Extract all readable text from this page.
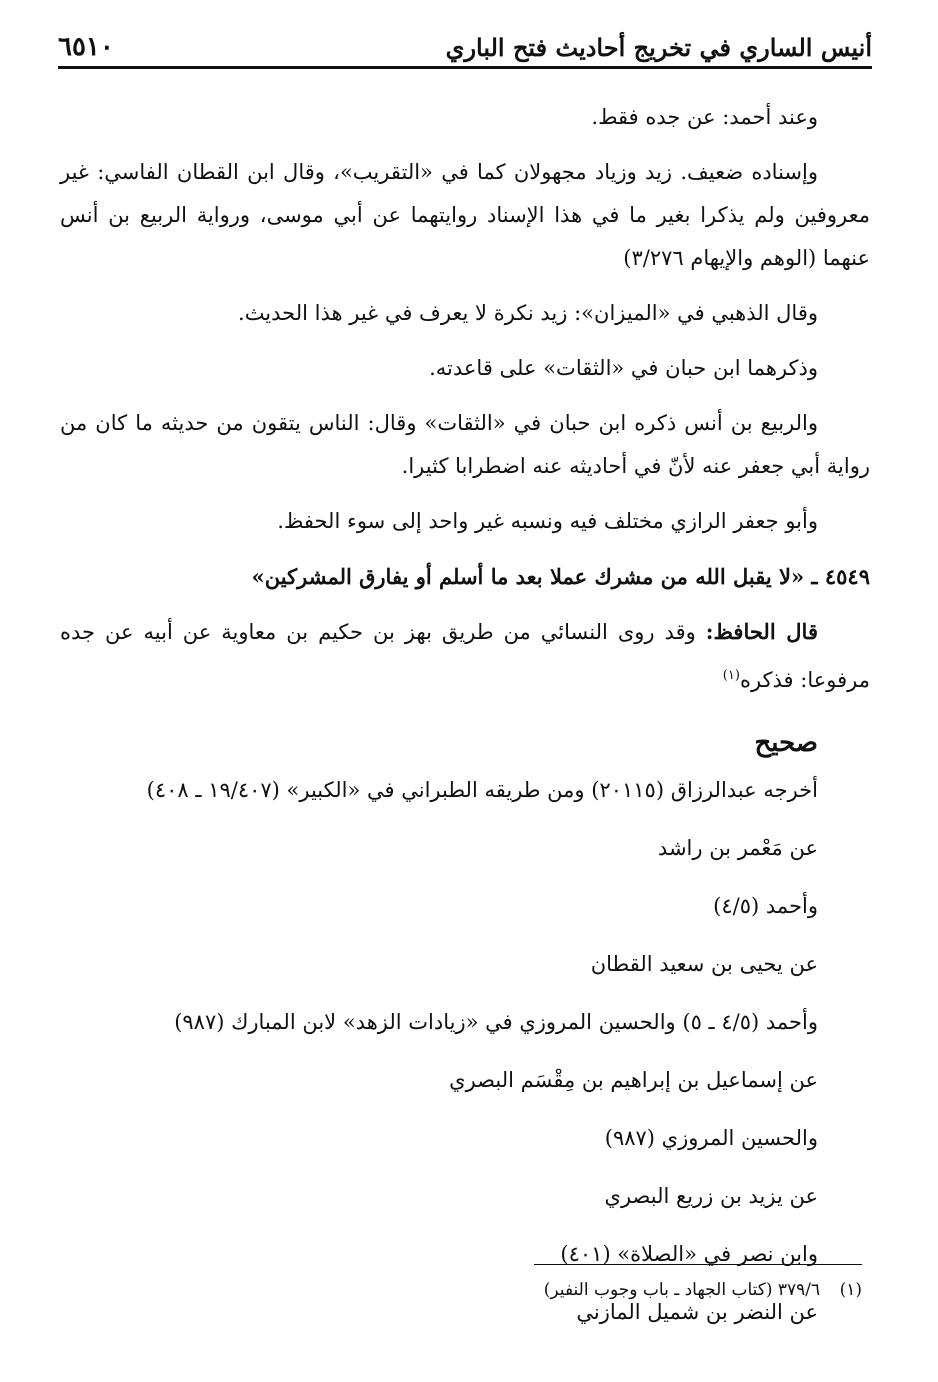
أنيس الساري في تخريج أحاديث فتح الباري
٦٥١٠

وعند أحمد: عن جده فقط.

وإسناده ضعيف. زيد وزياد مجهولان كما في «التقريب»، وقال ابن القطان الفاسي: غير معروفين ولم يذكرا بغير ما في هذا الإسناد روايتهما عن أبي موسى، ورواية الربيع بن أنس عنهما (الوهم والإيهام ٣/٢٧٦)

وقال الذهبي في «الميزان»: زيد نكرة لا يعرف في غير هذا الحديث.

وذكرهما ابن حبان في «الثقات» على قاعدته.

والربيع بن أنس ذكره ابن حبان في «الثقات» وقال: الناس يتقون من حديثه ما كان من رواية أبي جعفر عنه لأنّ في أحاديثه عنه اضطرابا كثيرا.

وأبو جعفر الرازي مختلف فيه ونسبه غير واحد إلى سوء الحفظ.

٤٥٤٩ ـ «لا يقبل الله من مشرك عملا بعد ما أسلم أو يفارق المشركين»

قال الحافظ: وقد روى النسائي من طريق بهز بن حكيم بن معاوية عن أبيه عن جده مرفوعا: فذكره$^{(١)}$

صحيح
أخرجه عبدالرزاق (٢٠١١٥) ومن طريقه الطبراني في «الكبير» (١٩/٤٠٧ ـ ٤٠٨)
عن مَعْمر بن راشد
وأحمد (٤/٥)
عن يحيى بن سعيد القطان
وأحمد (٤/٥ ـ ٥) والحسين المروزي في «زيادات الزهد» لابن المبارك (٩٨٧)
عن إسماعيل بن إبراهيم بن مِقْسَم البصري
والحسين المروزي (٩٨٧)
عن يزيد بن زريع البصري
وابن نصر في «الصلاة» (٤٠١)
عن النضر بن شميل المازني
(١) ٣٧٩/٦ (كتاب الجهاد ـ باب وجوب النفير)
